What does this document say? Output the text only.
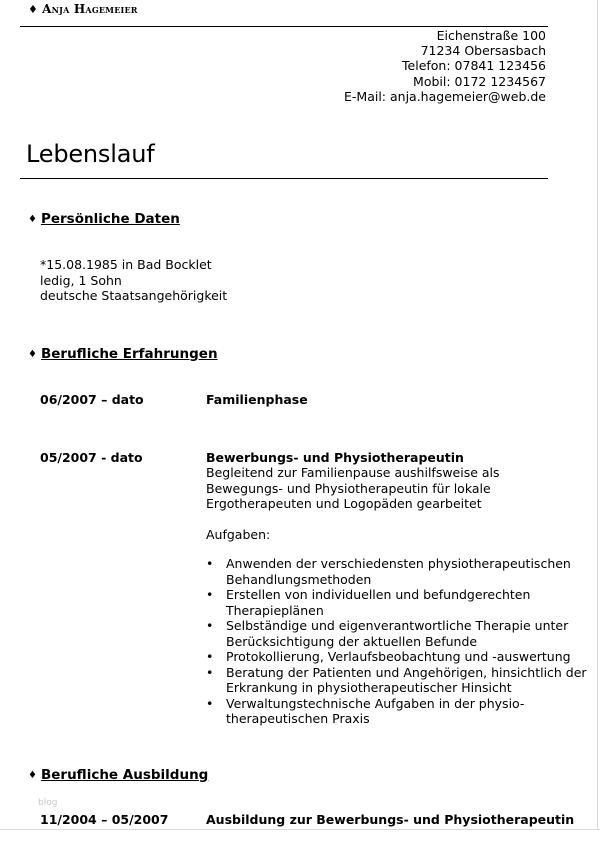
♦ Anja Hagemeier
Eichenstraße 100
71234 Obersasbach
Telefon: 07841 123456
Mobil: 0172 1234567
E-Mail: anja.hagemeier@web.de
Lebenslauf
♦ Persönliche Daten
*15.08.1985 in Bad Bocklet
ledig, 1 Sohn
deutsche Staatsangehörigkeit
♦ Berufliche Erfahrungen
06/2007 – dato	Familienphase
05/2007 - dato	Bewerbungs- und Physiotherapeutin
Begleitend zur Familienpause aushilfsweise als
Bewegungs- und Physiotherapeutin für lokale
Ergotherapeuten und Logopäden gearbeitet
Aufgaben:
• Anwenden der verschiedensten physiotherapeutischen Behandlungsmethoden
• Erstellen von individuellen und befundgerechten Therapieplänen
• Selbständige und eigenverantwortliche Therapie unter Berücksichtigung der aktuellen Befunde
• Protokollierung, Verlaufsbeobachtung und -auswertung
• Beratung der Patienten und Angehörigen, hinsichtlich der Erkrankung in physiotherapeutischer Hinsicht
• Verwaltungstechnische Aufgaben in der physio-therapeutischen Praxis
♦ Berufliche Ausbildung
blog
11/2004 – 05/2007	Ausbildung zur Bewerbungs- und Physiotherapeutin
